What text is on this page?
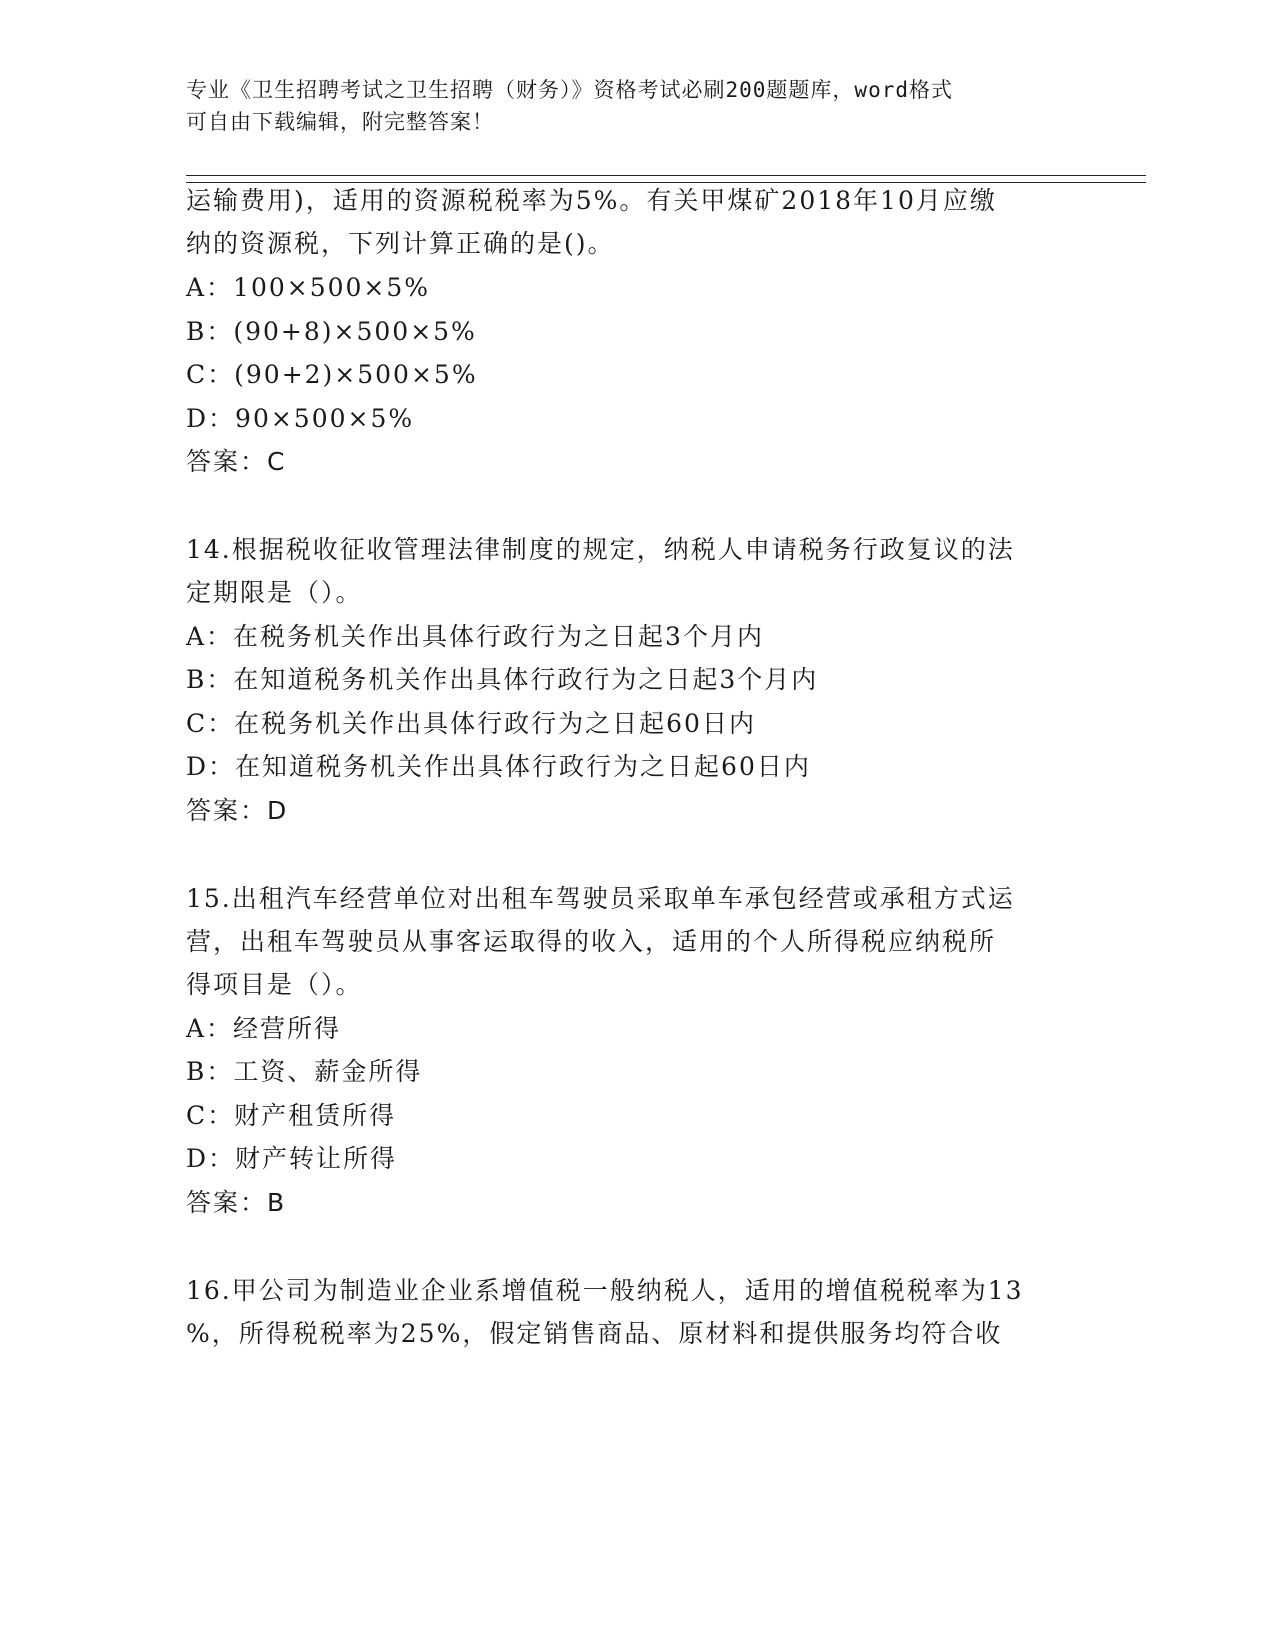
专业《卫生招聘考试之卫生招聘（财务）》资格考试必刷200题题库，word格式
可自由下载编辑，附完整答案！
运输费用)，适用的资源税税率为5%。有关甲煤矿2018年10月应缴
纳的资源税，下列计算正确的是()。
A：100×500×5%
B：(90+8)×500×5%
C：(90+2)×500×5%
D：90×500×5%
答案：C
14.根据税收征收管理法律制度的规定，纳税人申请税务行政复议的法
定期限是（）。
A：在税务机关作出具体行政行为之日起3个月内
B：在知道税务机关作出具体行政行为之日起3个月内
C：在税务机关作出具体行政行为之日起60日内
D：在知道税务机关作出具体行政行为之日起60日内
答案：D
15.出租汽车经营单位对出租车驾驶员采取单车承包经营或承租方式运
营，出租车驾驶员从事客运取得的收入，适用的个人所得税应纳税所
得项目是（）。
A：经营所得
B：工资、薪金所得
C：财产租赁所得
D：财产转让所得
答案：B
16.甲公司为制造业企业系增值税一般纳税人，适用的增值税税率为13
%，所得税税率为25%，假定销售商品、原材料和提供服务均符合收
